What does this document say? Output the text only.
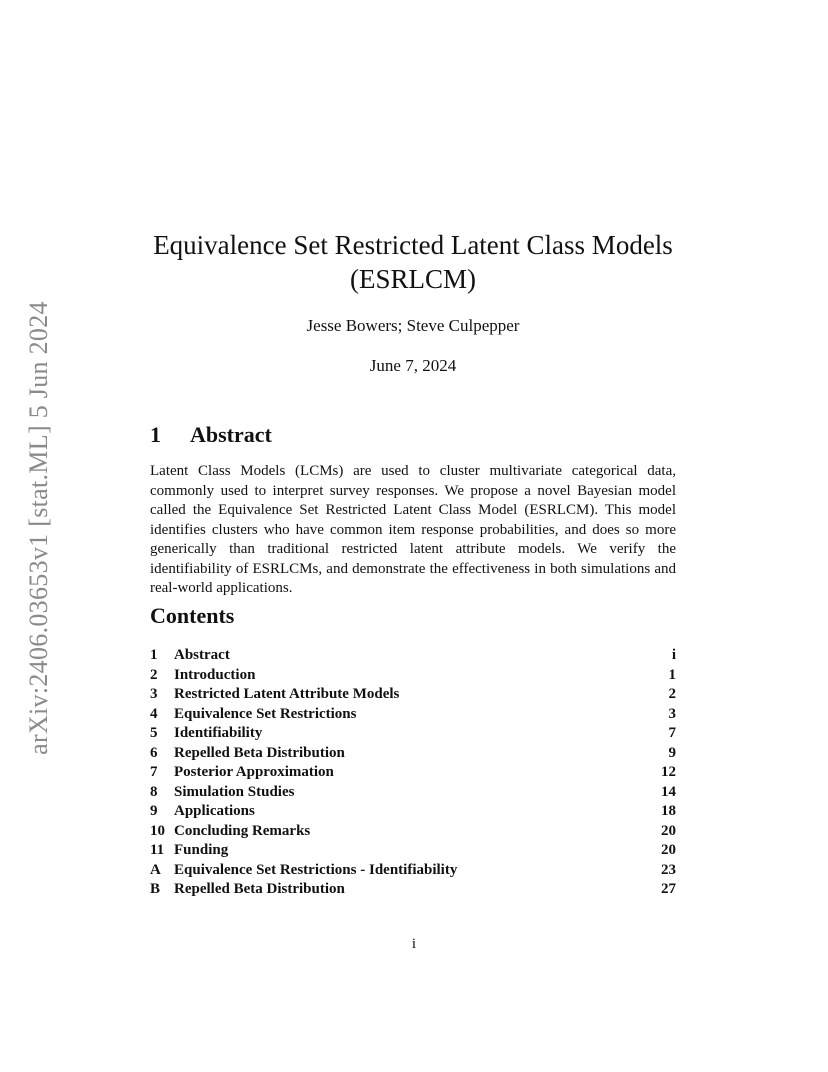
arXiv:2406.03653v1 [stat.ML] 5 Jun 2024
Equivalence Set Restricted Latent Class Models (ESRLCM)
Jesse Bowers; Steve Culpepper
June 7, 2024
1 Abstract

Latent Class Models (LCMs) are used to cluster multivariate categorical data, commonly used to interpret survey responses. We propose a novel Bayesian model called the Equivalence Set Restricted Latent Class Model (ESRLCM). This model identifies clusters who have common item response probabilities, and does so more generically than traditional restricted latent attribute models. We verify the identifiability of ESRLCMs, and demonstrate the effectiveness in both simulations and real-world applications.

Contents
1	Abstract	i
2	Introduction	1
3	Restricted Latent Attribute Models	2
4	Equivalence Set Restrictions	3
5	Identifiability	7
6	Repelled Beta Distribution	9
7	Posterior Approximation	12
8	Simulation Studies	14
9	Applications	18
10 Concluding Remarks	20
11 Funding	20
A Equivalence Set Restrictions - Identifiability	23
B Repelled Beta Distribution	27
i
